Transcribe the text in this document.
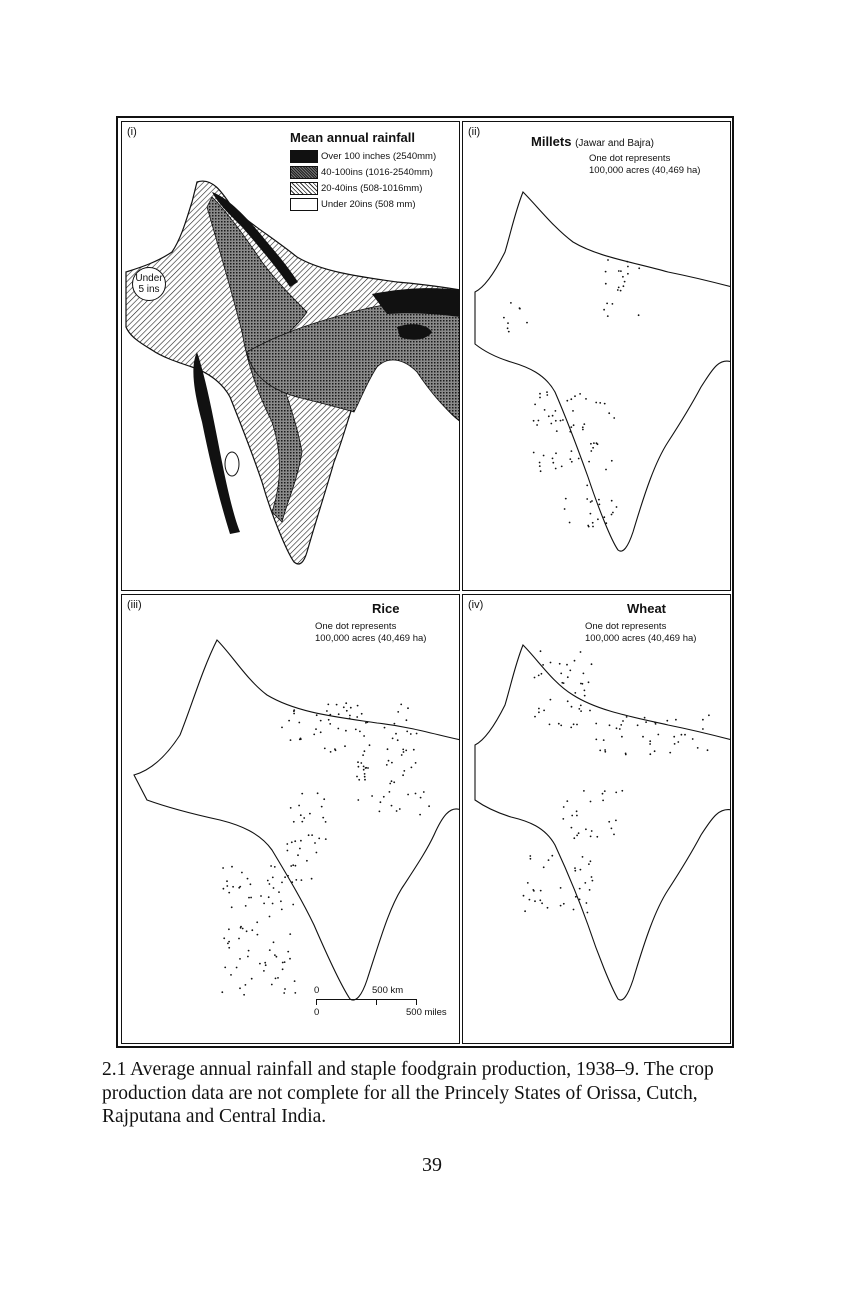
(i)	Mean annual rainfall
Over 100 inches (2540mm)
40-100ins (1016-2540mm)
20-40ins (508-1016mm)
Under 20ins (508 mm)
Under
5 ins
(ii)
Millets (Jawar and Bajra)
One dot represents
100,000 acres (40,469 ha)
(iii)	Rice
One dot represents
100,000 acres (40,469 ha)
0	500 km
0	500 miles
(iv)	Wheat
One dot represents
100,000 acres (40,469 ha)
2.1 Average annual rainfall and staple foodgrain production, 1938–9. The crop production data are not complete for all the Princely States of Orissa, Cutch, Rajputana and Central India.
39
